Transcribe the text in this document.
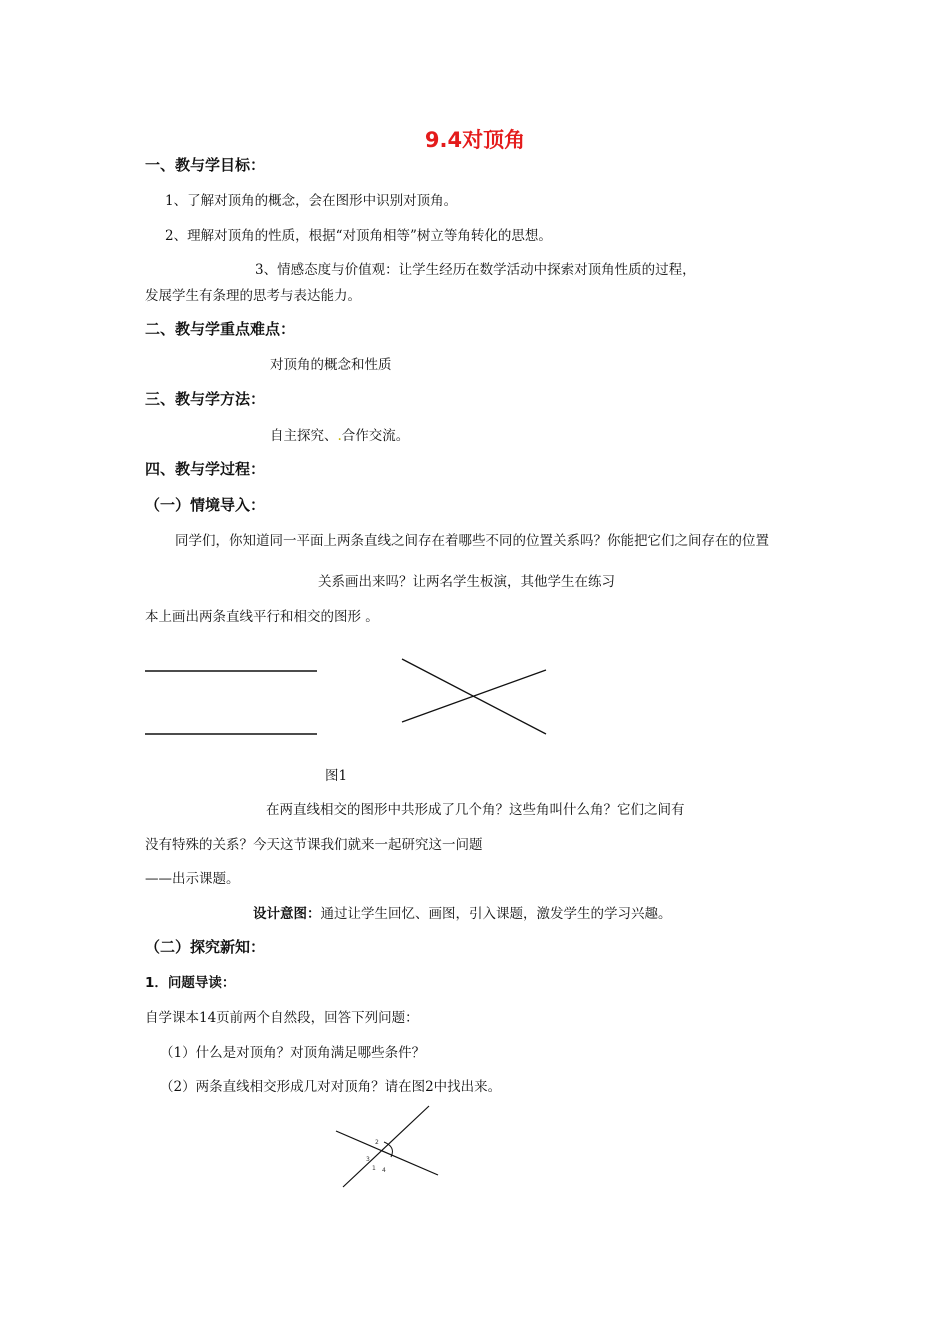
9.4对顶角
一、教与学目标：
1、了解对顶角的概念，会在图形中识别对顶角。
2、理解对顶角的性质，根据“对顶角相等”树立等角转化的思想。
3、情感态度与价值观：让学生经历在数学活动中探索对顶角性质的过程，
发展学生有条理的思考与表达能力。
二、教与学重点难点：
对顶角的概念和性质
三、教与学方法：
自主探究、.合作交流。
四、教与学过程：
（一）情境导入：
同学们，你知道同一平面上两条直线之间存在着哪些不同的位置关系吗？你能把它们之间存在的位置
关系画出来吗？让两名学生板演，其他学生在练习
本上画出两条直线平行和相交的图形 。
图1
在两直线相交的图形中共形成了几个角？这些角叫什么角？它们之间有
没有特殊的关系？今天这节课我们就来一起研究这一问题
——出示课题。
设计意图：通过让学生回忆、画图，引入课题，激发学生的学习兴趣。
（二）探究新知：
1．问题导读：
自学课本14页前两个自然段，回答下列问题：
（1）什么是对顶角？对顶角满足哪些条件？
（2）两条直线相交形成几对对顶角？请在图2中找出来。
2
3
1 4
